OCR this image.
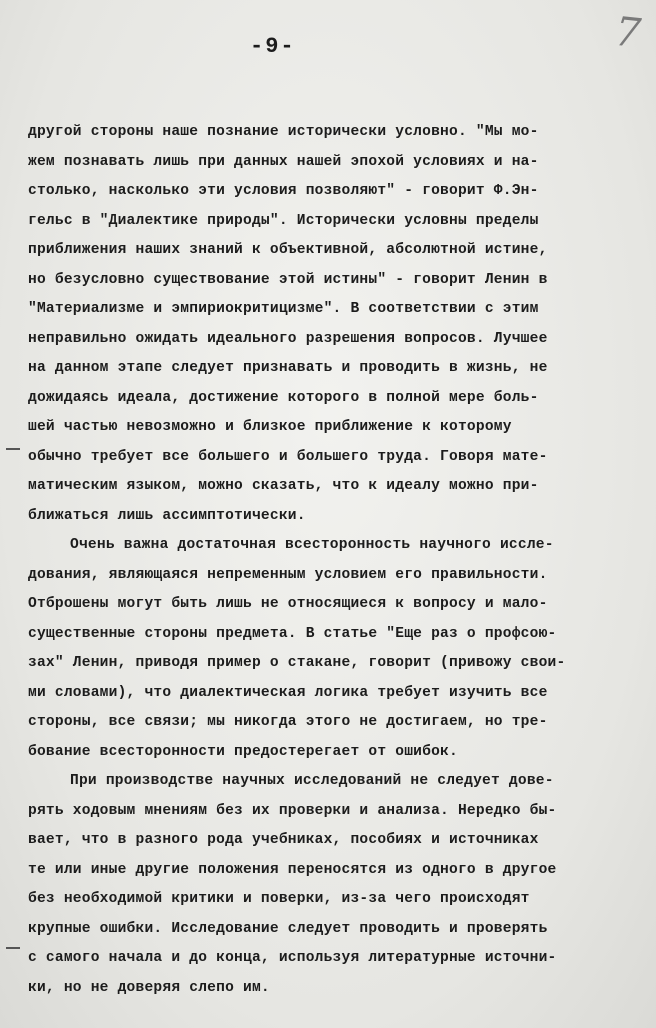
-9-	7
другой стороны наше познание исторически условно. "Мы мо-
жем познавать лишь при данных нашей эпохой условиях и на-
столько, насколько эти условия позволяют" - говорит Ф.Эн-
гельс в "Диалектике природы". Исторически условны пределы
приближения наших знаний к объективной, абсолютной истине,
но безусловно существование этой истины" - говорит Ленин в
"Материализме и эмпириокритицизме". В соответствии с этим
неправильно ожидать идеального разрешения вопросов. Лучшее
на данном этапе следует признавать и проводить в жизнь, не
дожидаясь идеала, достижение которого в полной мере боль-
шей частью невозможно и близкое приближение к которому
обычно требует все большего и большего труда. Говоря мате-
матическим языком, можно сказать, что к идеалу можно при-
ближаться лишь ассимптотически.
Очень важна достаточная всесторонность научного иссле-
дования, являющаяся непременным условием его правильности.
Отброшены могут быть лишь не относящиеся к вопросу и мало-
существенные стороны предмета. В статье "Еще раз о профсою-
зах" Ленин, приводя пример о стакане, говорит (привожу свои-
ми словами), что диалектическая логика требует изучить все
стороны, все связи; мы никогда этого не достигаем, но тре-
бование всесторонности предостерегает от ошибок.
При производстве научных исследований не следует дове-
рять ходовым мнениям без их проверки и анализа. Нередко бы-
вает, что в разного рода учебниках, пособиях и источниках
те или иные другие положения переносятся из одного в другое
без необходимой критики и поверки, из-за чего происходят
крупные ошибки. Исследование следует проводить и проверять
с самого начала и до конца, используя литературные источни-
ки, но не доверяя слепо им.
